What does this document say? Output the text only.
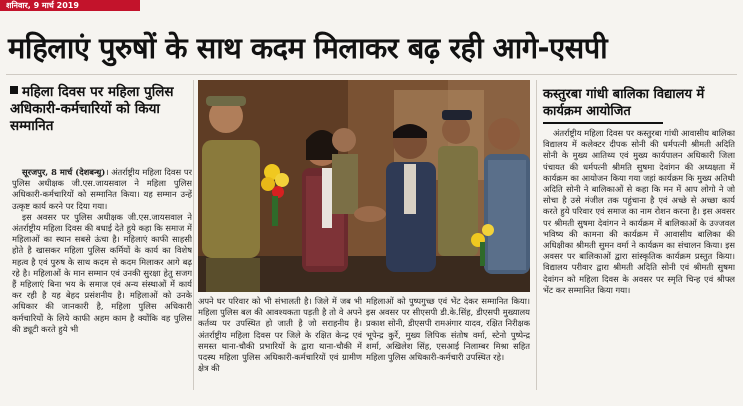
शनिवार, 9 मार्च 2019
महिलाएं पुरुषों के साथ कदम मिलाकर बढ़ रही आगे-एसपी
महिला दिवस पर महिला पुलिस अधिकारी-कर्मचारियों को किया सम्मानित

सूरजपुर, 8 मार्च (देशबन्धु)। अंतर्राष्ट्रीय महिला दिवस पर पुलिस अधीक्षक जी.एस.जायसवाल ने महिला पुलिस अधिकारी-कर्मचारियों को सम्मानित किया। यह सम्मान उन्हें उत्कृष्ट कार्य करने पर दिया गया।

इस अवसर पर पुलिस अधीक्षक जी.एस.जायसवाल ने अंतर्राष्ट्रीय महिला दिवस की बधाई देते हुये कहा कि समाज में महिलाओं का स्थान सबसे ऊंचा है। महिलाएं काफी साहसी होते है खासकर महिला पुलिस कर्मियों के कार्य का विशेष महत्व है एवं पुरुष के साथ कदम से कदम मिलाकर आगे बढ़ रहे है। महिलाओं के मान सम्मान एवं उनकी सुरक्षा हेतु सजग हैं महिलाएं बिना भय के समाज एवं अन्य संस्थाओं में कार्य कर रही है यह बेहद प्रसंशनीय है। महिलाओं को उनके अधिकार की जानकारी है, महिला पुलिस अधिकारी कर्मचारियों के लिये काफी अहम काम है क्योंकि वह पुलिस की ड्यूटी करते हुये भी

अपने घर परिवार को भी संभालती है। जिले में जब भी महिला पुलिस बल की आवश्यकता पड़ती है तो वे अपने कर्तव्य पर उपस्थित हो जाती है जो सराहनीय है। अंतर्राष्ट्रीय महिला दिवस पर जिले के रक्षित केन्द्र एवं समस्त थाना-चौकी प्रभारियों के द्वारा थाना-चौकी में पदस्थ महिला पुलिस अधिकारी-कर्मचारियों एवं ग्रामीण क्षेत्र की
महिलाओं को पुष्पगुच्छ एवं भेंट देकर सम्मानित किया। इस अवसर पर सीएसपी डी.के.सिंह, डीएसपी मुख्यालय प्रकाश सोनी, डीएसपी रामअंगार यादव, रक्षित निरीक्षक भूपेन्द्र कुर्रे, मुख्य लिपिक संतोष वर्मा, स्टेनो पुष्पेन्द्र शर्मा, अखिलेश सिंह, एसआई निलाम्बर मिश्रा सहित महिला पुलिस अधिकारी-कर्मचारी उपस्थित रहे।
कस्तुरबा गांधी बालिका विद्यालय में कार्यक्रम आयोजित

अंतर्राष्ट्रीय महिला दिवस पर कस्तुरबा गांधी आवासीय बालिका विद्यालय में कलेक्टर दीपक सोनी की धर्मपत्नी श्रीमती अदिति सोनी के मुख्य आतिथ्य एवं मुख्य कार्यपालन अधिकारी जिला पंचायत की धर्मपत्नी श्रीमति सुषमा देवांगन की अध्यक्षता में कार्यक्रम का आयोजन किया गया जहां कार्यक्रम कि मुख्य अतिथी अदिति सोनी ने बालिकाओं से कहा कि मन में आप लोगो ने जो सोचा है उसे मंजील तक पहुंचाना है एवं अच्छे से अच्छा कार्य करते हुये परिवार एवं समाज का नाम रोशन करना है। इस अवसर पर श्रीमती सुषमा देवांगन ने कार्यक्रम में बालिकाओं के उज्जवल भविष्य की कामना की कार्यक्रम में आवासीय बालिका की अधिक्षीका श्रीमती सुमन वर्मा ने कार्यक्रम का संचालन किया। इस अवसर पर बालिकाओं द्वारा सांस्कृतिक कार्यक्रम प्रस्तुत किया। विद्यालय परीवार द्वारा श्रीमती अदिति सोनी एवं श्रीमती सुषमा देवांगन को महिला दिवस के अवसर पर स्मृति चिन्ह एवं श्रीफ्ल भेंट कर सम्मानित किया गया।
